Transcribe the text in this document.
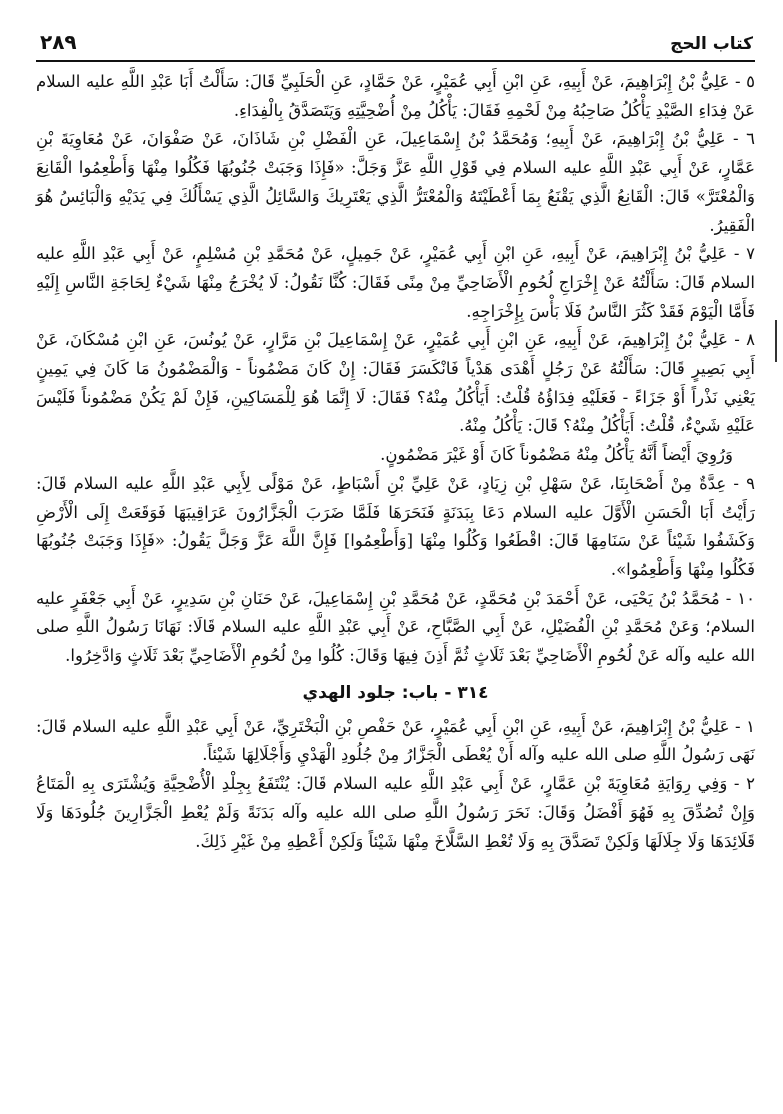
٢٨٩	كتاب الحج

٥ - عَلِيُّ بْنُ إِبْرَاهِيمَ، عَنْ أَبِيهِ، عَنِ ابْنِ أَبِي عُمَيْرٍ، عَنْ حَمَّادٍ، عَنِ الْحَلَبِيِّ قَالَ: سَأَلْتُ أَبَا عَبْدِ اللَّهِ عليه السلام عَنْ فِدَاءِ الصَّيْدِ يَأْكُلُ صَاحِبُهُ مِنْ لَحْمِهِ فَقَالَ: يَأْكُلُ مِنْ أُضْحِيَّتِهِ وَيَتَصَدَّقُ بِالْفِدَاءِ.

٦ - عَلِيُّ بْنُ إِبْرَاهِيمَ، عَنْ أَبِيهِ؛ وَمُحَمَّدُ بْنُ إِسْمَاعِيلَ، عَنِ الْفَضْلِ بْنِ شَاذَانَ، عَنْ صَفْوَانَ، عَنْ مُعَاوِيَةَ بْنِ عَمَّارٍ، عَنْ أَبِي عَبْدِ اللَّهِ عليه السلام فِي قَوْلِ اللَّهِ عَزَّ وَجَلَّ: «فَإِذَا وَجَبَتْ جُنُوبُهَا فَكُلُوا مِنْهَا وَأَطْعِمُوا الْقَانِعَ وَالْمُعْتَرَّ» قَالَ: الْقَانِعُ الَّذِي يَقْنَعُ بِمَا أَعْطَيْتَهُ وَالْمُعْتَرُّ الَّذِي يَعْتَرِيكَ وَالسَّائِلُ الَّذِي يَسْأَلُكَ فِي يَدَيْهِ وَالْبَائِسُ هُوَ الْفَقِيرُ.

٧ - عَلِيُّ بْنُ إِبْرَاهِيمَ، عَنْ أَبِيهِ، عَنِ ابْنِ أَبِي عُمَيْرٍ، عَنْ جَمِيلٍ، عَنْ مُحَمَّدِ بْنِ مُسْلِمٍ، عَنْ أَبِي عَبْدِ اللَّهِ عليه السلام قَالَ: سَأَلْتُهُ عَنْ إِخْرَاجِ لُحُومِ الْأَضَاحِيِّ مِنْ مِنًى فَقَالَ: كُنَّا نَقُولُ: لَا يُخْرَجُ مِنْهَا شَيْءٌ لِحَاجَةِ النَّاسِ إِلَيْهِ فَأَمَّا الْيَوْمَ فَقَدْ كَثُرَ النَّاسُ فَلَا بَأْسَ بِإِخْرَاجِهِ.

٨ - عَلِيُّ بْنُ إِبْرَاهِيمَ، عَنْ أَبِيهِ، عَنِ ابْنِ أَبِي عُمَيْرٍ، عَنْ إِسْمَاعِيلَ بْنِ مَرَّارٍ، عَنْ يُونُسَ، عَنِ ابْنِ مُسْكَانَ، عَنْ أَبِي بَصِيرٍ قَالَ: سَأَلْتُهُ عَنْ رَجُلٍ أَهْدَى هَدْياً فَانْكَسَرَ فَقَالَ: إِنْ كَانَ مَضْمُوناً - وَالْمَضْمُونُ مَا كَانَ فِي يَمِينٍ يَعْنِي نَذْراً أَوْ جَزَاءً - فَعَلَيْهِ فِدَاؤُهُ قُلْتُ: أَيَأْكُلُ مِنْهُ؟ فَقَالَ: لَا إِنَّمَا هُوَ لِلْمَسَاكِينِ، فَإِنْ لَمْ يَكُنْ مَضْمُوناً فَلَيْسَ عَلَيْهِ شَيْءٌ، قُلْتُ: أَيَأْكُلُ مِنْهُ؟ قَالَ: يَأْكُلُ مِنْهُ.

وَرُوِيَ أَيْضاً أَنَّهُ يَأْكُلُ مِنْهُ مَضْمُوناً كَانَ أَوْ غَيْرَ مَضْمُونٍ.

٩ - عِدَّةٌ مِنْ أَصْحَابِنَا، عَنْ سَهْلِ بْنِ زِيَادٍ، عَنْ عَلِيِّ بْنِ أَسْبَاطٍ، عَنْ مَوْلًى لِأَبِي عَبْدِ اللَّهِ عليه السلام قَالَ: رَأَيْتُ أَبَا الْحَسَنِ الْأَوَّلَ عليه السلام دَعَا بِبَدَنَةٍ فَنَحَرَهَا فَلَمَّا ضَرَبَ الْجَزَّارُونَ عَرَاقِيبَهَا فَوَقَعَتْ إِلَى الْأَرْضِ وَكَشَفُوا شَيْئاً عَنْ سَنَامِهَا قَالَ: اقْطَعُوا وَكُلُوا مِنْهَا [وَأَطْعِمُوا] فَإِنَّ اللَّهَ عَزَّ وَجَلَّ يَقُولُ: «فَإِذَا وَجَبَتْ جُنُوبُهَا فَكُلُوا مِنْهَا وَأَطْعِمُوا».

١٠ - مُحَمَّدُ بْنُ يَحْيَى، عَنْ أَحْمَدَ بْنِ مُحَمَّدٍ، عَنْ مُحَمَّدِ بْنِ إِسْمَاعِيلَ، عَنْ حَنَانِ بْنِ سَدِيرٍ، عَنْ أَبِي جَعْفَرٍ عليه السلام؛ وَعَنْ مُحَمَّدِ بْنِ الْفُضَيْلِ، عَنْ أَبِي الصَّبَّاحِ، عَنْ أَبِي عَبْدِ اللَّهِ عليه السلام قَالَا: نَهَانَا رَسُولُ اللَّهِ صلى الله عليه وآله عَنْ لُحُومِ الْأَضَاحِيِّ بَعْدَ ثَلَاثٍ ثُمَّ أَذِنَ فِيهَا وَقَالَ: كُلُوا مِنْ لُحُومِ الْأَضَاحِيِّ بَعْدَ ثَلَاثٍ وَادَّخِرُوا.

٣١٤ - باب: جلود الهدي

١ - عَلِيُّ بْنُ إِبْرَاهِيمَ، عَنْ أَبِيهِ، عَنِ ابْنِ أَبِي عُمَيْرٍ، عَنْ حَفْصِ بْنِ الْبَخْتَرِيِّ، عَنْ أَبِي عَبْدِ اللَّهِ عليه السلام قَالَ: نَهَى رَسُولُ اللَّهِ صلى الله عليه وآله أَنْ يُعْطَى الْجَزَّارُ مِنْ جُلُودِ الْهَدْيِ وَأَجْلَالِهَا شَيْئاً.

٢ - وَفِي رِوَايَةِ مُعَاوِيَةَ بْنِ عَمَّارٍ، عَنْ أَبِي عَبْدِ اللَّهِ عليه السلام قَالَ: يُنْتَفَعُ بِجِلْدِ الْأُضْحِيَّةِ وَيُشْتَرَى بِهِ الْمَتَاعُ وَإِنْ تُصُدِّقَ بِهِ فَهُوَ أَفْضَلُ وَقَالَ: نَحَرَ رَسُولُ اللَّهِ صلى الله عليه وآله بَدَنَةً وَلَمْ يُعْطِ الْجَزَّارِينَ جُلُودَهَا وَلَا قَلَائِدَهَا وَلَا جِلَالَهَا وَلَكِنْ تَصَدَّقَ بِهِ وَلَا تُعْطِ السَّلَّاخَ مِنْهَا شَيْئاً وَلَكِنْ أَعْطِهِ مِنْ غَيْرِ ذَلِكَ.
